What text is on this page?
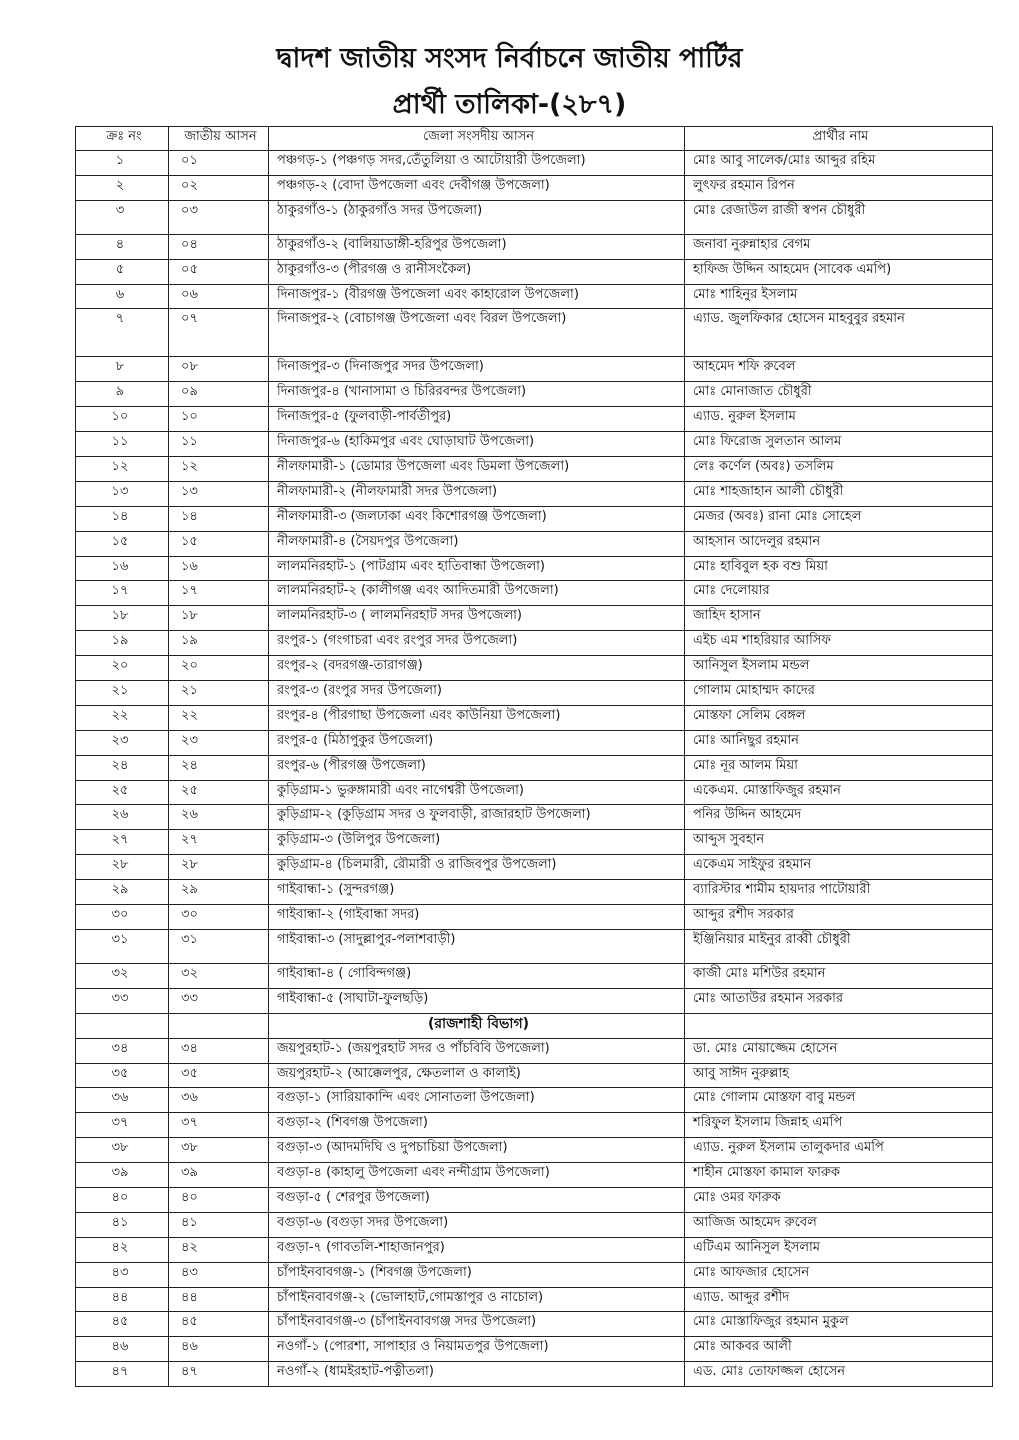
দ্বাদশ জাতীয় সংসদ নির্বাচনে জাতীয় পার্টির
প্রার্থী তালিকা-(২৮৭)
ক্রঃ নং	জাতীয় আসন	জেলা সংসদীয় আসন	প্রার্থীর নাম
১	০১	পঞ্চগড়-১ (পঞ্চগড় সদর,তেঁতুলিয়া ও আটোয়ারী উপজেলা)	মোঃ আবু সালেক/মোঃ আব্দুর রহিম
২	০২	পঞ্চগড়-২ (বোদা উপজেলা এবং দেবীগঞ্জ উপজেলা)	লুৎফর রহমান রিপন
৩	০৩	ঠাকুরগাঁও-১ (ঠাকুরগাঁও সদর উপজেলা)	মোঃ রেজাউল রাজী স্বপন চৌধুরী
৪	০৪	ঠাকুরগাঁও-২ (বালিয়াডাঙ্গী-হরিপুর উপজেলা)	জনাবা নুরুন্নাহার বেগম
৫	০৫	ঠাকুরগাঁও-৩ (পীরগঞ্জ ও রানীসংকৈল)	হাফিজ উদ্দিন আহমেদ (সাবেক এমপি)
৬	০৬	দিনাজপুর-১ (বীরগঞ্জ উপজেলা এবং কাহারোল উপজেলা)	মোঃ শাহিনুর ইসলাম
৭	০৭	দিনাজপুর-২ (বোচাগঞ্জ উপজেলা এবং বিরল উপজেলা)	এ্যাড. জুলফিকার হোসেন মাহবুবুর রহমান
৮	০৮	দিনাজপুর-৩ (দিনাজপুর সদর উপজেলা)	আহমেদ শফি রুবেল
৯	০৯	দিনাজপুর-৪ (খানাসামা ও চিরিরবন্দর উপজেলা)	মোঃ মোনাজাত চৌধুরী
১০	১০	দিনাজপুর-৫ (ফুলবাড়ী-পার্বতীপুর)	এ্যাড. নুরুল ইসলাম
১১	১১	দিনাজপুর-৬ (হাকিমপুর এবং ঘোড়াঘাট উপজেলা)	মোঃ ফিরোজ সুলতান আলম
১২	১২	নীলফামারী-১ (ডোমার উপজেলা এবং ডিমলা উপজেলা)	লেঃ কর্ণেল (অবঃ) তসলিম
১৩	১৩	নীলফামারী-২ (নীলফামারী সদর উপজেলা)	মোঃ শাহজাহান আলী চৌধুরী
১৪	১৪	নীলফামারী-৩ (জলঢাকা এবং কিশোরগঞ্জ উপজেলা)	মেজর (অবঃ) রানা মোঃ সোহেল
১৫	১৫	নীলফামারী-৪ (সৈয়দপুর উপজেলা)	আহসান আদেলুর রহমান
১৬	১৬	লালমনিরহাট-১ (পাটগ্রাম এবং হাতিবান্ধা উপজেলা)	মোঃ হাবিবুল হক বশু মিয়া
১৭	১৭	লালমনিরহাট-২ (কালীগঞ্জ এবং আদিতমারী উপজেলা)	মোঃ দেলোয়ার
১৮	১৮	লালমনিরহাট-৩ ( লালমনিরহাট সদর উপজেলা)	জাহিদ হাসান
১৯	১৯	রংপুর-১ (গংগাচরা এবং রংপুর সদর উপজেলা)	এইচ এম শাহরিয়ার আসিফ
২০	২০	রংপুর-২ (বদরগঞ্জ-তারাগঞ্জ)	আনিসুল ইসলাম মন্ডল
২১	২১	রংপুর-৩ (রংপুর সদর উপজেলা)	গোলাম মোহাম্মদ কাদের
২২	২২	রংপুর-৪ (পীরগাছা উপজেলা এবং কাউনিয়া উপজেলা)	মোস্তফা সেলিম বেঙ্গল
২৩	২৩	রংপুর-৫ (মিঠাপুকুর উপজেলা)	মোঃ আনিছুর রহমান
২৪	২৪	রংপুর-৬ (পীরগঞ্জ উপজেলা)	মোঃ নূর আলম মিয়া
২৫	২৫	কুড়িগ্রাম-১ ভুরুঙ্গামারী এবং নাগেশ্বরী উপজেলা)	একেএম. মোস্তাফিজুর রহমান
২৬	২৬	কুড়িগ্রাম-২ (কুড়িগ্রাম সদর ও ফুলবাড়ী, রাজারহাট উপজেলা)	পনির উদ্দিন আহমেদ
২৭	২৭	কুড়িগ্রাম-৩ (উলিপুর উপজেলা)	আব্দুস সুবহান
২৮	২৮	কুড়িগ্রাম-৪ (চিলমারী, রৌমারী ও রাজিবপুর উপজেলা)	একেএম সাইফুর রহমান
২৯	২৯	গাইবান্ধা-১ (সুন্দরগঞ্জ)	ব্যারিস্টার শামীম হায়দার পাটোয়ারী
৩০	৩০	গাইবান্ধা-২ (গাইবান্ধা সদর)	আব্দুর রশীদ সরকার
৩১	৩১	গাইবান্ধা-৩ (সাদুল্লাপুর-পলাশবাড়ী)	ইঞ্জিনিয়ার মাইনুর রাব্বী চৌধুরী
৩২	৩২	গাইবান্ধা-৪ ( গোবিন্দগঞ্জ)	কাজী মোঃ মশিউর রহমান
৩৩	৩৩	গাইবান্ধা-৫ (সাঘাটা-ফুলছড়ি)	মোঃ আতাউর রহমান সরকার
		(রাজশাহী বিভাগ)	
৩৪	৩৪	জয়পুরহাট-১ (জয়পুরহাট সদর ও পাঁচবিবি উপজেলা)	ডা. মোঃ মোয়াজ্জেম হোসেন
৩৫	৩৫	জয়পুরহাট-২ (আক্কেলপুর, ক্ষেতলাল ও কালাই)	আবু সাঈদ নুরুল্লাহ
৩৬	৩৬	বগুড়া-১ (সারিয়াকান্দি এবং সোনাতলা উপজেলা)	মোঃ গোলাম মোস্তফা বাবু মন্ডল
৩৭	৩৭	বগুড়া-২ (শিবগঞ্জ উপজেলা)	শরিফুল ইসলাম জিন্নাহ এমপি
৩৮	৩৮	বগুড়া-৩ (আদমদিঘি ও দুপচাচিয়া উপজেলা)	এ্যাড. নুরুল ইসলাম তালুকদার এমপি
৩৯	৩৯	বগুড়া-৪ (কাহালু উপজেলা এবং নন্দীগ্রাম উপজেলা)	শাহীন মোস্তফা কামাল ফারুক
৪০	৪০	বগুড়া-৫ ( শেরপুর উপজেলা)	মোঃ ওমর ফারুক
৪১	৪১	বগুড়া-৬ (বগুড়া সদর উপজেলা)	আজিজ আহমেদ রুবেল
৪২	৪২	বগুড়া-৭ (গাবতলি-শাহাজানপুর)	এটিএম আনিসুল ইসলাম
৪৩	৪৩	চাঁপাইনবাবগঞ্জ-১ (শিবগঞ্জ উপজেলা)	মোঃ আফজার হোসেন
৪৪	৪৪	চাঁপাইনবাবগঞ্জ-২ (ভোলাহাট,গোমস্তাপুর ও নাচোল)	এ্যাড. আব্দুর রশীদ
৪৫	৪৫	চাঁপাইনবাবগঞ্জ-৩ (চাঁপাইনবাবগঞ্জ সদর উপজেলা)	মোঃ মোস্তাফিজুর রহমান মুকুল
৪৬	৪৬	নওগাঁ-১ (পোরশা, সাপাহার ও নিয়ামতপুর উপজেলা)	মোঃ আকবর আলী
৪৭	৪৭	নওগাঁ-২ (ধামইরহাট-পত্নীতলা)	এড. মোঃ তোফাজ্জল হোসেন
